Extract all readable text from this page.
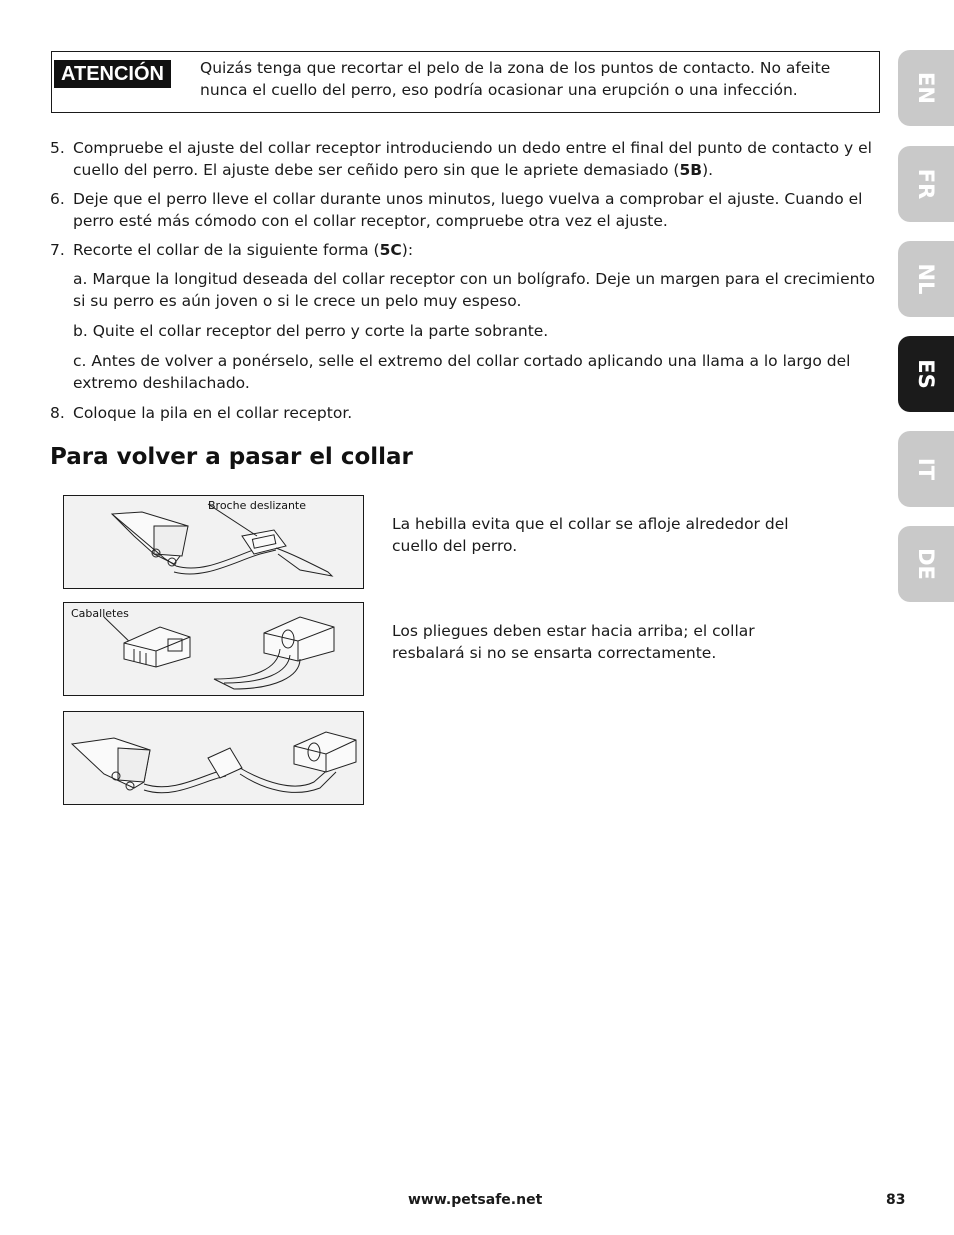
ATENCIÓN	Quizás tenga que recortar el pelo de la zona de los puntos de contacto. No afeite nunca el cuello del perro, eso podría ocasionar una erupción o una infección.
5. Compruebe el ajuste del collar receptor introduciendo un dedo entre el final del punto de contacto y el cuello del perro. El ajuste debe ser ceñido pero sin que le apriete demasiado (5B).
6. Deje que el perro lleve el collar durante unos minutos, luego vuelva a comprobar el ajuste. Cuando el perro esté más cómodo con el collar receptor, compruebe otra vez el ajuste.
7. Recorte el collar de la siguiente forma (5C):
a. Marque la longitud deseada del collar receptor con un bolígrafo. Deje un margen para el crecimiento si su perro es aún joven o si le crece un pelo muy espeso.
b. Quite el collar receptor del perro y corte la parte sobrante.
c. Antes de volver a ponérselo, selle el extremo del collar cortado aplicando una llama a lo largo del extremo deshilachado.
8. Coloque la pila en el collar receptor.
Para volver a pasar el collar
Broche deslizante
Caballetes
La hebilla evita que el collar se afloje alrededor del cuello del perro.
Los pliegues deben estar hacia arriba; el collar resbalará si no se ensarta correctamente.
EN
FR
NL
ES
IT
DE
www.petsafe.net	83
